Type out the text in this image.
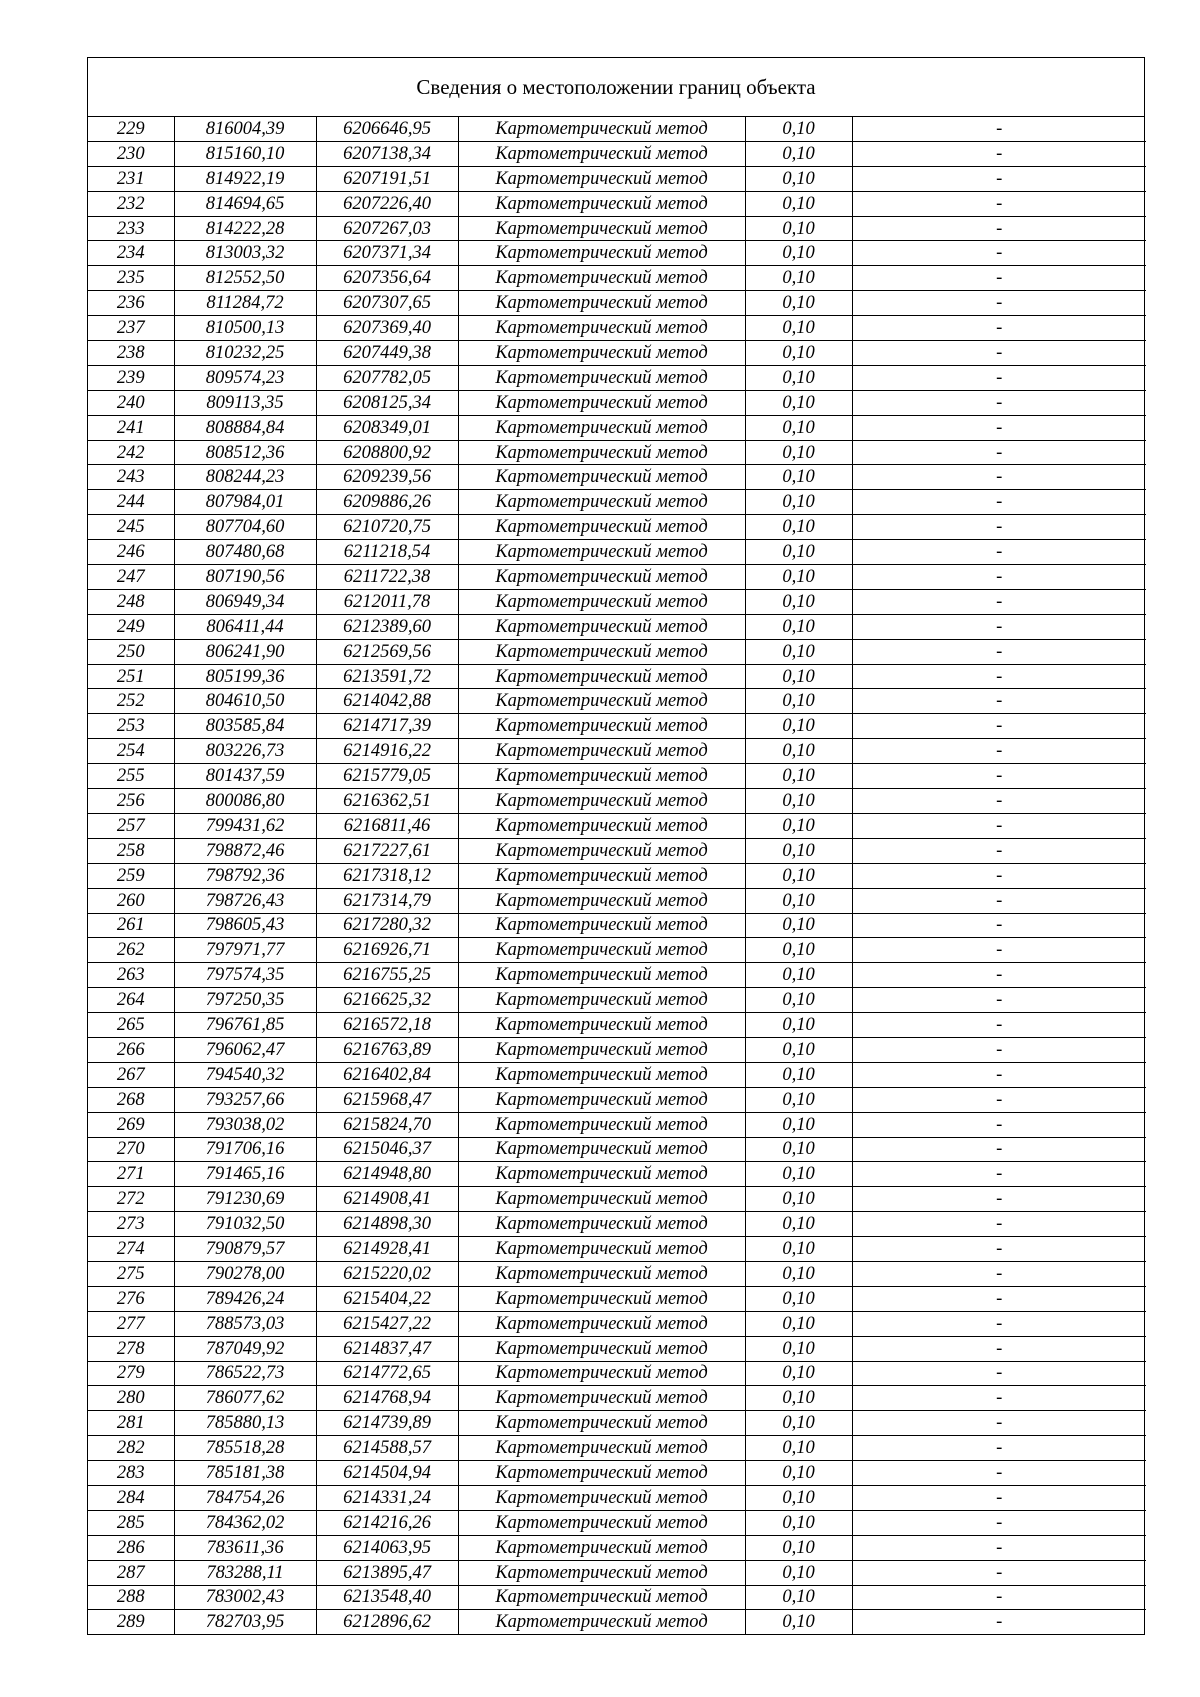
Сведения о местоположении границ объекта
229	816004,39	6206646,95	Картометрический метод	0,10	-
230	815160,10	6207138,34	Картометрический метод	0,10	-
231	814922,19	6207191,51	Картометрический метод	0,10	-
232	814694,65	6207226,40	Картометрический метод	0,10	-
233	814222,28	6207267,03	Картометрический метод	0,10	-
234	813003,32	6207371,34	Картометрический метод	0,10	-
235	812552,50	6207356,64	Картометрический метод	0,10	-
236	811284,72	6207307,65	Картометрический метод	0,10	-
237	810500,13	6207369,40	Картометрический метод	0,10	-
238	810232,25	6207449,38	Картометрический метод	0,10	-
239	809574,23	6207782,05	Картометрический метод	0,10	-
240	809113,35	6208125,34	Картометрический метод	0,10	-
241	808884,84	6208349,01	Картометрический метод	0,10	-
242	808512,36	6208800,92	Картометрический метод	0,10	-
243	808244,23	6209239,56	Картометрический метод	0,10	-
244	807984,01	6209886,26	Картометрический метод	0,10	-
245	807704,60	6210720,75	Картометрический метод	0,10	-
246	807480,68	6211218,54	Картометрический метод	0,10	-
247	807190,56	6211722,38	Картометрический метод	0,10	-
248	806949,34	6212011,78	Картометрический метод	0,10	-
249	806411,44	6212389,60	Картометрический метод	0,10	-
250	806241,90	6212569,56	Картометрический метод	0,10	-
251	805199,36	6213591,72	Картометрический метод	0,10	-
252	804610,50	6214042,88	Картометрический метод	0,10	-
253	803585,84	6214717,39	Картометрический метод	0,10	-
254	803226,73	6214916,22	Картометрический метод	0,10	-
255	801437,59	6215779,05	Картометрический метод	0,10	-
256	800086,80	6216362,51	Картометрический метод	0,10	-
257	799431,62	6216811,46	Картометрический метод	0,10	-
258	798872,46	6217227,61	Картометрический метод	0,10	-
259	798792,36	6217318,12	Картометрический метод	0,10	-
260	798726,43	6217314,79	Картометрический метод	0,10	-
261	798605,43	6217280,32	Картометрический метод	0,10	-
262	797971,77	6216926,71	Картометрический метод	0,10	-
263	797574,35	6216755,25	Картометрический метод	0,10	-
264	797250,35	6216625,32	Картометрический метод	0,10	-
265	796761,85	6216572,18	Картометрический метод	0,10	-
266	796062,47	6216763,89	Картометрический метод	0,10	-
267	794540,32	6216402,84	Картометрический метод	0,10	-
268	793257,66	6215968,47	Картометрический метод	0,10	-
269	793038,02	6215824,70	Картометрический метод	0,10	-
270	791706,16	6215046,37	Картометрический метод	0,10	-
271	791465,16	6214948,80	Картометрический метод	0,10	-
272	791230,69	6214908,41	Картометрический метод	0,10	-
273	791032,50	6214898,30	Картометрический метод	0,10	-
274	790879,57	6214928,41	Картометрический метод	0,10	-
275	790278,00	6215220,02	Картометрический метод	0,10	-
276	789426,24	6215404,22	Картометрический метод	0,10	-
277	788573,03	6215427,22	Картометрический метод	0,10	-
278	787049,92	6214837,47	Картометрический метод	0,10	-
279	786522,73	6214772,65	Картометрический метод	0,10	-
280	786077,62	6214768,94	Картометрический метод	0,10	-
281	785880,13	6214739,89	Картометрический метод	0,10	-
282	785518,28	6214588,57	Картометрический метод	0,10	-
283	785181,38	6214504,94	Картометрический метод	0,10	-
284	784754,26	6214331,24	Картометрический метод	0,10	-
285	784362,02	6214216,26	Картометрический метод	0,10	-
286	783611,36	6214063,95	Картометрический метод	0,10	-
287	783288,11	6213895,47	Картометрический метод	0,10	-
288	783002,43	6213548,40	Картометрический метод	0,10	-
289	782703,95	6212896,62	Картометрический метод	0,10	-
